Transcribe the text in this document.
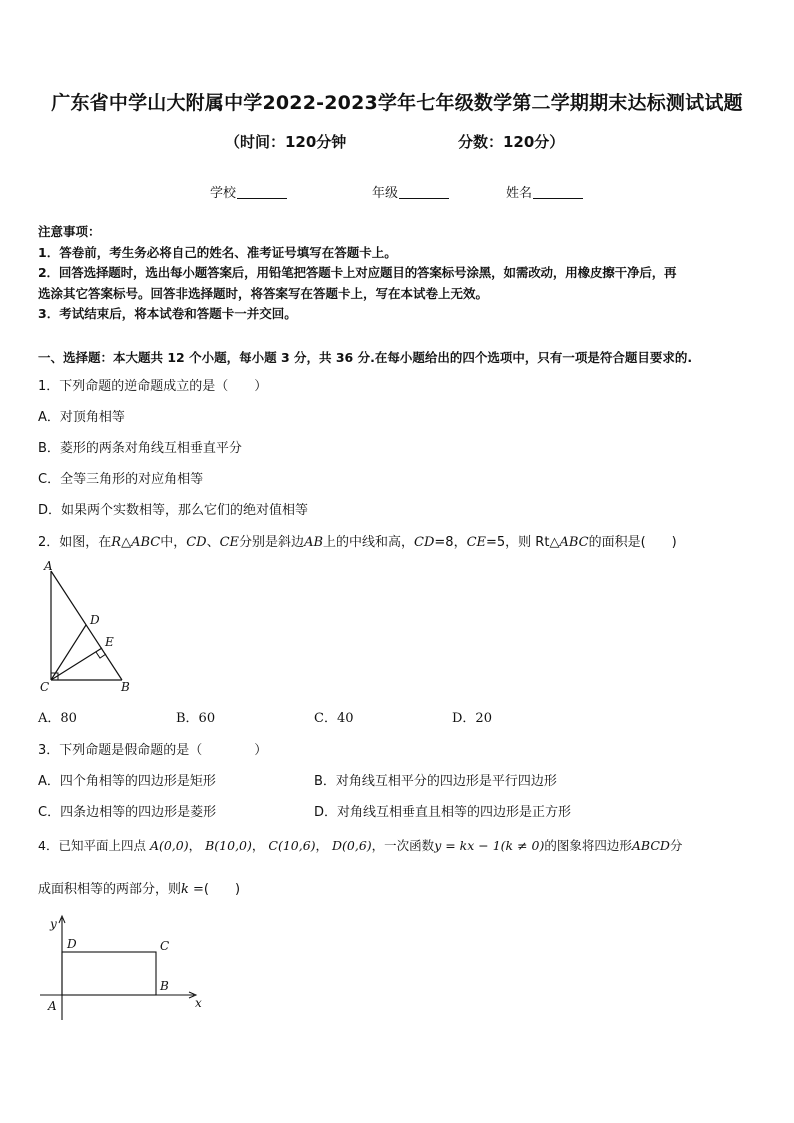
广东省中学山大附属中学2022-2023学年七年级数学第二学期期末达标测试试题
（时间：120分钟	分数：120分）
学校	年级	姓名

注意事项：

1．答卷前，考生务必将自己的姓名、准考证号填写在答题卡上。

2．回答选择题时，选出每小题答案后，用铅笔把答题卡上对应题目的答案标号涂黑，如需改动，用橡皮擦干净后，再

选涂其它答案标号。回答非选择题时，将答案写在答题卡上，写在本试卷上无效。

3．考试结束后，将本试卷和答题卡一并交回。

一、选择题：本大题共 12 个小题，每小题 3 分，共 36 分.在每小题给出的四个选项中，只有一项是符合题目要求的.
1．下列命题的逆命题成立的是（　　）
A．对顶角相等
B．菱形的两条对角线互相垂直平分
C．全等三角形的对应角相等
D．如果两个实数相等，那么它们的绝对值相等
2．如图，在R△ABC中，CD、CE分别是斜边AB上的中线和高，CD=8，CE=5，则 Rt△ABC的面积是(　　)
A
D
E
C	B
A．80	B．60	C．40	D．20
3．下列命题是假命题的是（　　　　）
A．四个角相等的四边形是矩形	B．对角线互相平分的四边形是平行四边形
C．四条边相等的四边形是菱形	D．对角线互相垂直且相等的四边形是正方形
4．已知平面上四点 A(0,0)， B(10,0)， C(10,6)， D(0,6)，一次函数y = kx − 1(k ≠ 0)的图象将四边形ABCD分
成面积相等的两部分，则k =(　　)
y
x
D	C
B
A
